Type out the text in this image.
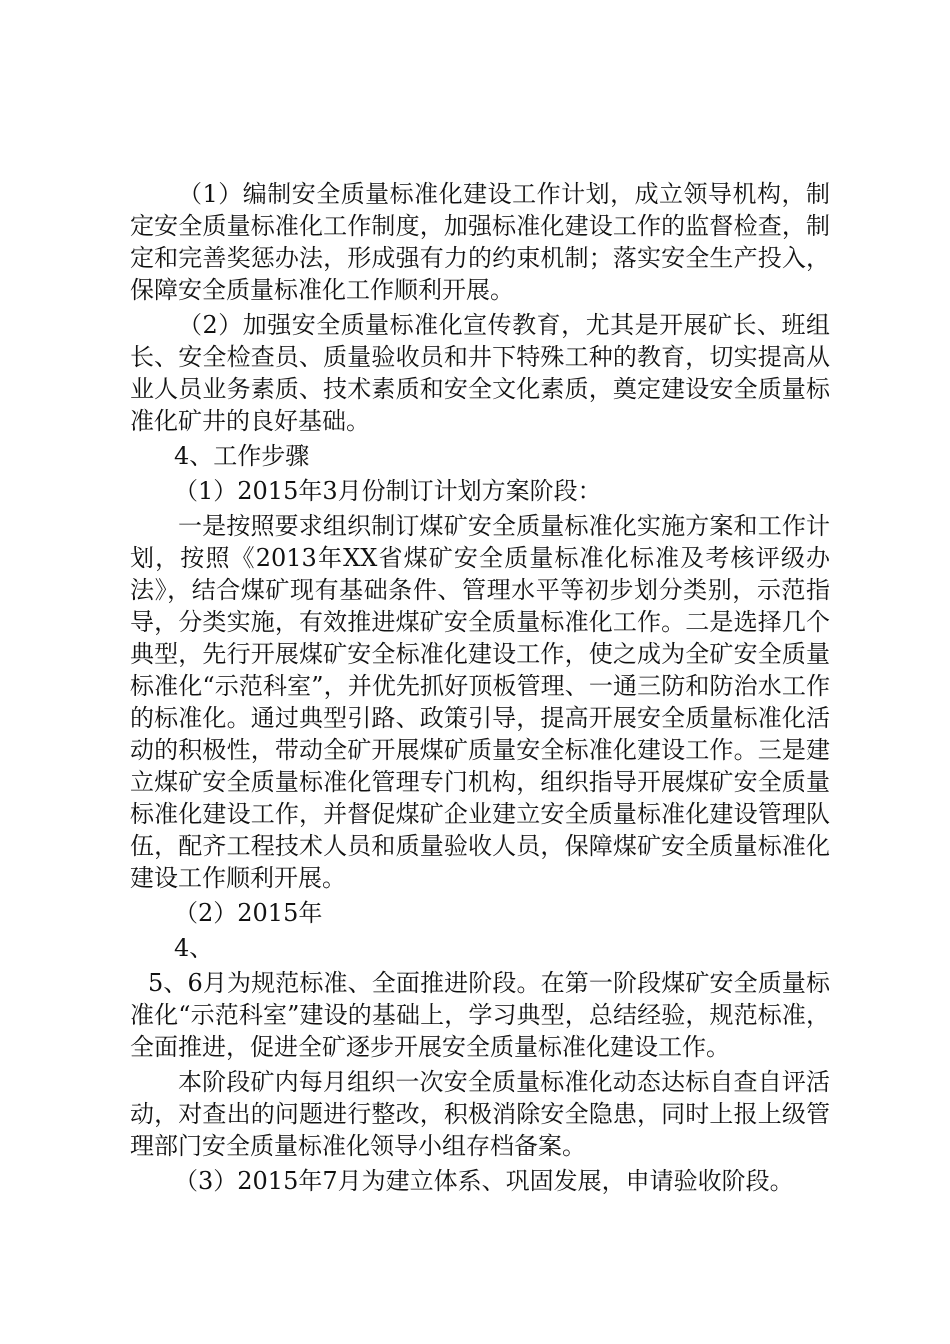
（1）编制安全质量标准化建设工作计划，成立领导机构，制定安全质量标准化工作制度，加强标准化建设工作的监督检查，制定和完善奖惩办法，形成强有力的约束机制；落实安全生产投入，保障安全质量标准化工作顺利开展。

（2）加强安全质量标准化宣传教育，尤其是开展矿长、班组长、安全检查员、质量验收员和井下特殊工种的教育，切实提高从业人员业务素质、技术素质和安全文化素质，奠定建设安全质量标准化矿井的良好基础。

4、工作步骤

（1）2015年3月份制订计划方案阶段：

一是按照要求组织制订煤矿安全质量标准化实施方案和工作计划，按照《2013年XX省煤矿安全质量标准化标准及考核评级办法》，结合煤矿现有基础条件、管理水平等初步划分类别，示范指导，分类实施，有效推进煤矿安全质量标准化工作。二是选择几个典型，先行开展煤矿安全标准化建设工作，使之成为全矿安全质量标准化“示范科室”，并优先抓好顶板管理、一通三防和防治水工作的标准化。通过典型引路、政策引导，提高开展安全质量标准化活动的积极性，带动全矿开展煤矿质量安全标准化建设工作。三是建立煤矿安全质量标准化管理专门机构，组织指导开展煤矿安全质量标准化建设工作，并督促煤矿企业建立安全质量标准化建设管理队伍，配齐工程技术人员和质量验收人员，保障煤矿安全质量标准化建设工作顺利开展。

（2）2015年

4、

5、6月为规范标准、全面推进阶段。在第一阶段煤矿安全质量标准化“示范科室”建设的基础上，学习典型，总结经验，规范标准，全面推进，促进全矿逐步开展安全质量标准化建设工作。

本阶段矿内每月组织一次安全质量标准化动态达标自查自评活动，对查出的问题进行整改，积极消除安全隐患，同时上报上级管理部门安全质量标准化领导小组存档备案。

（3）2015年7月为建立体系、巩固发展，申请验收阶段。
